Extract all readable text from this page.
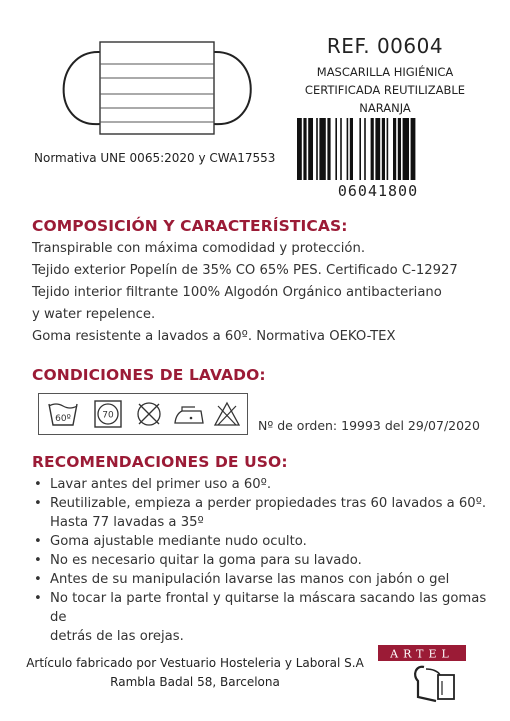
REF. 00604
MASCARILLA HIGIÉNICA
CERTIFICADA REUTILIZABLE
NARANJA
06041800
Normativa UNE 0065:2020 y CWA17553
COMPOSICIÓN Y CARACTERÍSTICAS:
Transpirable con máxima comodidad y protección.
Tejido exterior Popelín de 35% CO 65% PES. Certificado C-12927
Tejido interior filtrante 100% Algodón Orgánico antibacteriano
y water repelence.
Goma resistente a lavados a 60º. Normativa OEKO-TEX
CONDICIONES DE LAVADO:
60º	70
Nº de orden: 19993 del 29/07/2020
RECOMENDACIONES DE USO:
• Lavar antes del primer uso a 60º.
• Reutilizable, empieza a perder propiedades tras 60 lavados a 60º.
Hasta 77 lavadas a 35º
• Goma ajustable mediante nudo oculto.
• No es necesario quitar la goma para su lavado.
• Antes de su manipulación lavarse las manos con jabón o gel
• No tocar la parte frontal y quitarse la máscara sacando las gomas de
detrás de las orejas.
Artículo fabricado por Vestuario Hosteleria y Laboral S.A
Rambla Badal 58, Barcelona
ARTEL
